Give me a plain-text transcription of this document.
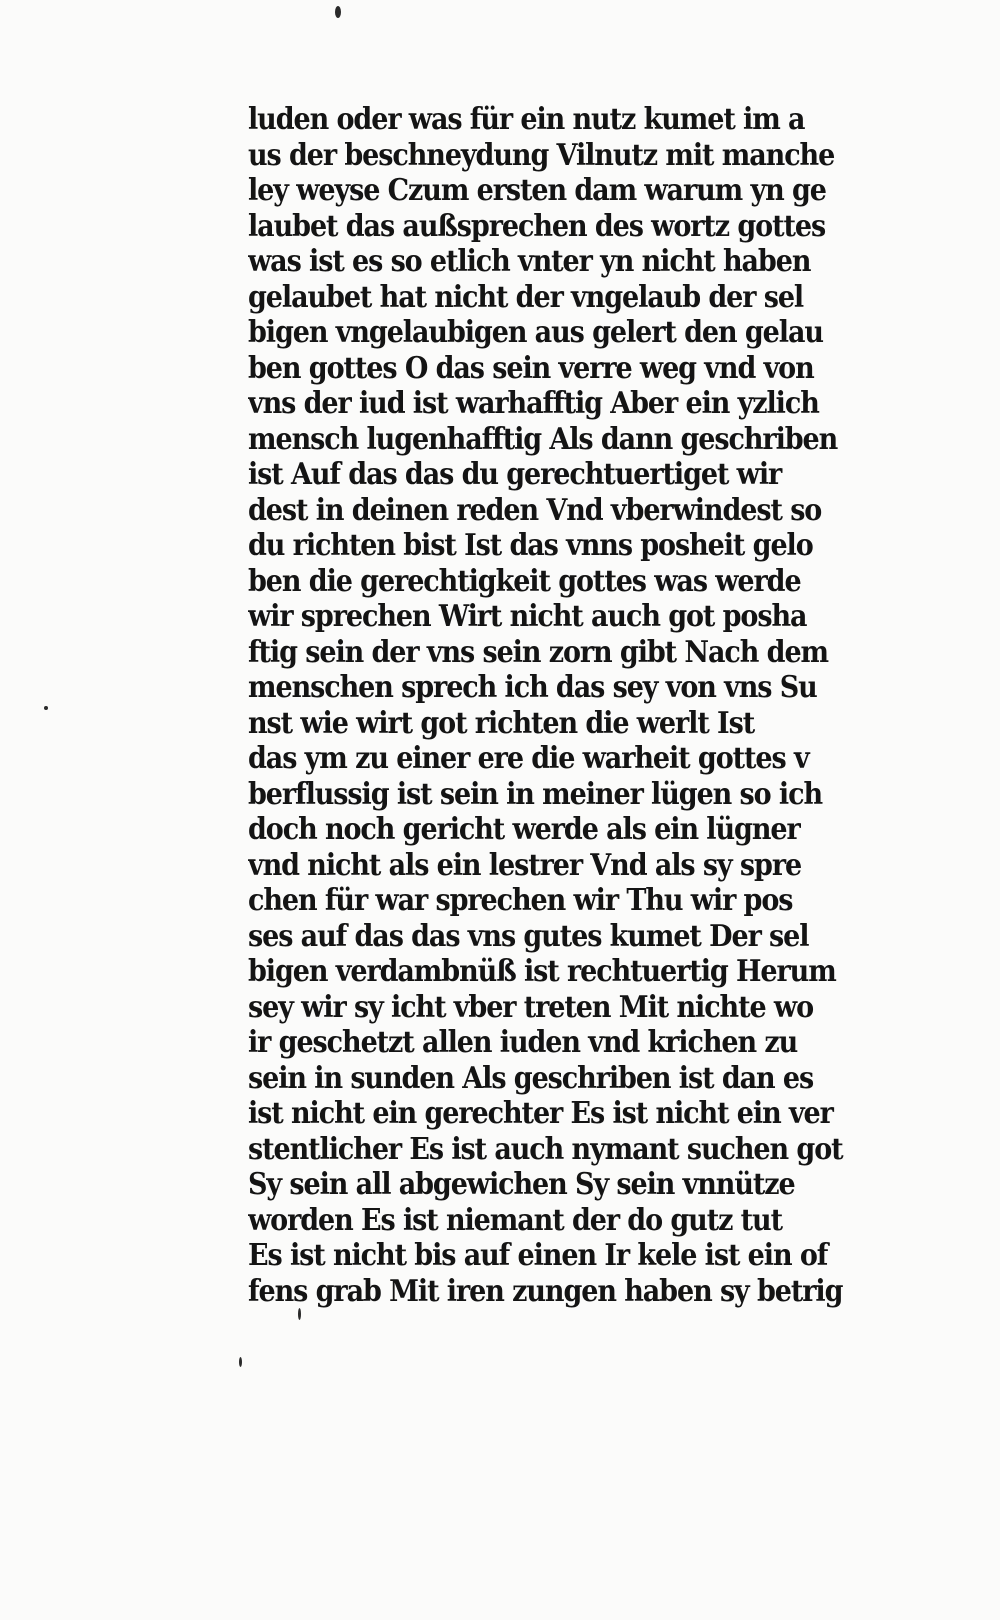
luden oder was für ein nutz kumet im a
us der beschneydung Vilnutz mit manche
ley weyse Czum ersten dam warum yn ge
laubet das außsprechen des wortz gottes
was ist es so etlich vnter yn nicht haben
gelaubet hat nicht der vngelaub der sel
bigen vngelaubigen aus gelert den gelau
ben gottes O das sein verre weg vnd von
vns der iud ist warhafftig Aber ein yzlich
mensch lugenhafftig Als dann geschriben
ist Auf das das du gerechtuertiget wir
dest in deinen reden Vnd vberwindest so
du richten bist Ist das vnns posheit gelo
ben die gerechtigkeit gottes was werde
wir sprechen Wirt nicht auch got posha
ftig sein der vns sein zorn gibt Nach dem
menschen sprech ich das sey von vns Su
nst wie wirt got richten die werlt Ist
das ym zu einer ere die warheit gottes v
berflussig ist sein in meiner lügen so ich
doch noch gericht werde als ein lügner
vnd nicht als ein lestrer Vnd als sy spre
chen für war sprechen wir Thu wir pos
ses auf das das vns gutes kumet Der sel
bigen verdambnüß ist rechtuertig Herum
sey wir sy icht vber treten Mit nichte wo
ir geschetzt allen iuden vnd krichen zu
sein in sunden Als geschriben ist dan es
ist nicht ein gerechter Es ist nicht ein ver
stentlicher Es ist auch nymant suchen got
Sy sein all abgewichen Sy sein vnnütze
worden Es ist niemant der do gutz tut
Es ist nicht bis auf einen Ir kele ist ein of
fens grab Mit iren zungen haben sy betrig
